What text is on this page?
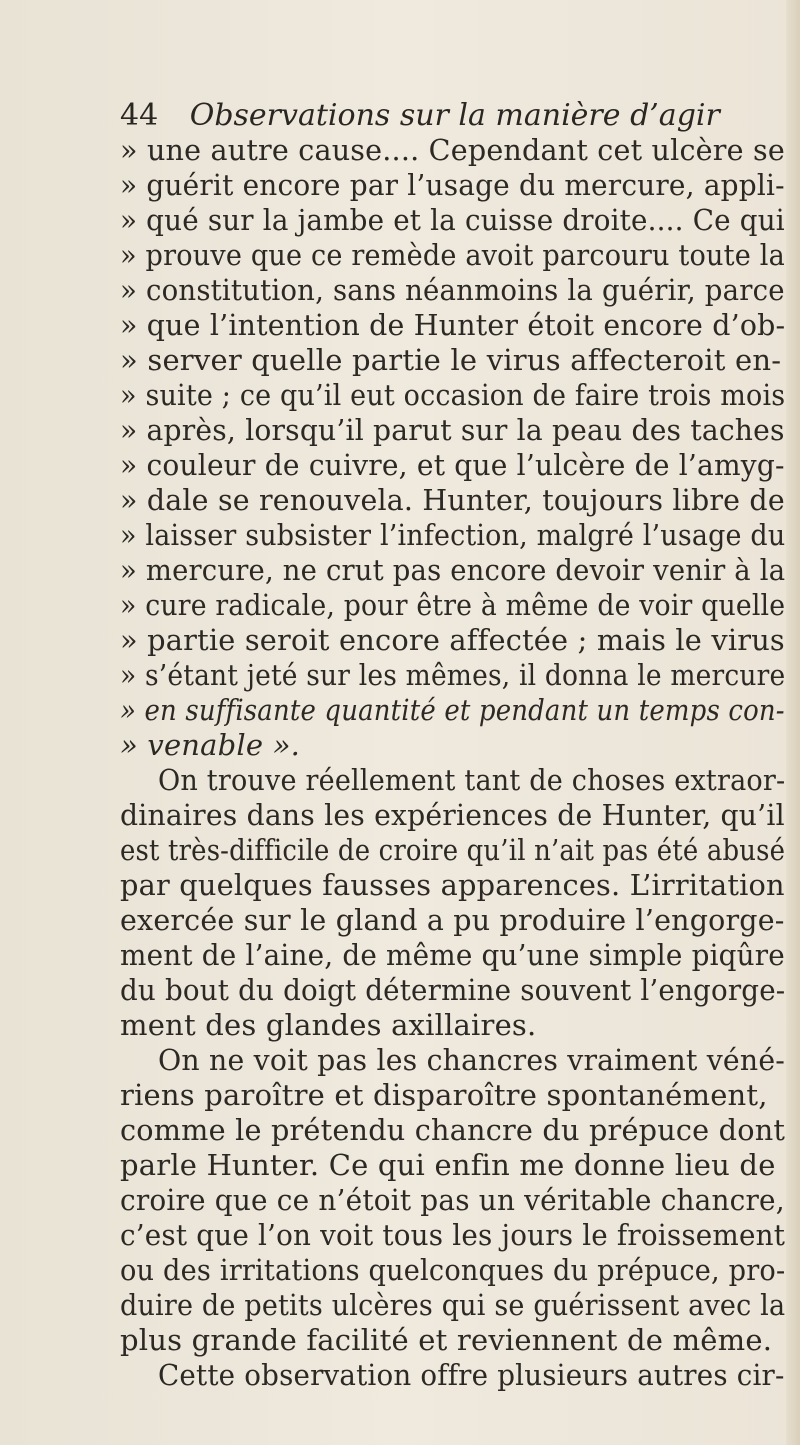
44 Observations sur la manière d’agir
» une autre cause.... Cependant cet ulcère se
» guérit encore par l’usage du mercure, appli-
» qué sur la jambe et la cuisse droite.... Ce qui
» prouve que ce remède avoit parcouru toute la
» constitution, sans néanmoins la guérir, parce
» que l’intention de Hunter étoit encore d’ob-
» server quelle partie le virus affecteroit en-
» suite ; ce qu’il eut occasion de faire trois mois
» après, lorsqu’il parut sur la peau des taches
» couleur de cuivre, et que l’ulcère de l’amyg-
» dale se renouvela. Hunter, toujours libre de
» laisser subsister l’infection, malgré l’usage du
» mercure, ne crut pas encore devoir venir à la
» cure radicale, pour être à même de voir quelle
» partie seroit encore affectée ; mais le virus
» s’étant jeté sur les mêmes, il donna le mercure
» en suffisante quantité et pendant un temps con-
» venable ».
On trouve réellement tant de choses extraor-
dinaires dans les expériences de Hunter, qu’il
est très-difficile de croire qu’il n’ait pas été abusé
par quelques fausses apparences. L’irritation
exercée sur le gland a pu produire l’engorge-
ment de l’aine, de même qu’une simple piqûre
du bout du doigt détermine souvent l’engorge-
ment des glandes axillaires.
On ne voit pas les chancres vraiment véné-
riens paroître et disparoître spontanément,
comme le prétendu chancre du prépuce dont
parle Hunter. Ce qui enfin me donne lieu de
croire que ce n’étoit pas un véritable chancre,
c’est que l’on voit tous les jours le froissement
ou des irritations quelconques du prépuce, pro-
duire de petits ulcères qui se guérissent avec la
plus grande facilité et reviennent de même.
Cette observation offre plusieurs autres cir-
